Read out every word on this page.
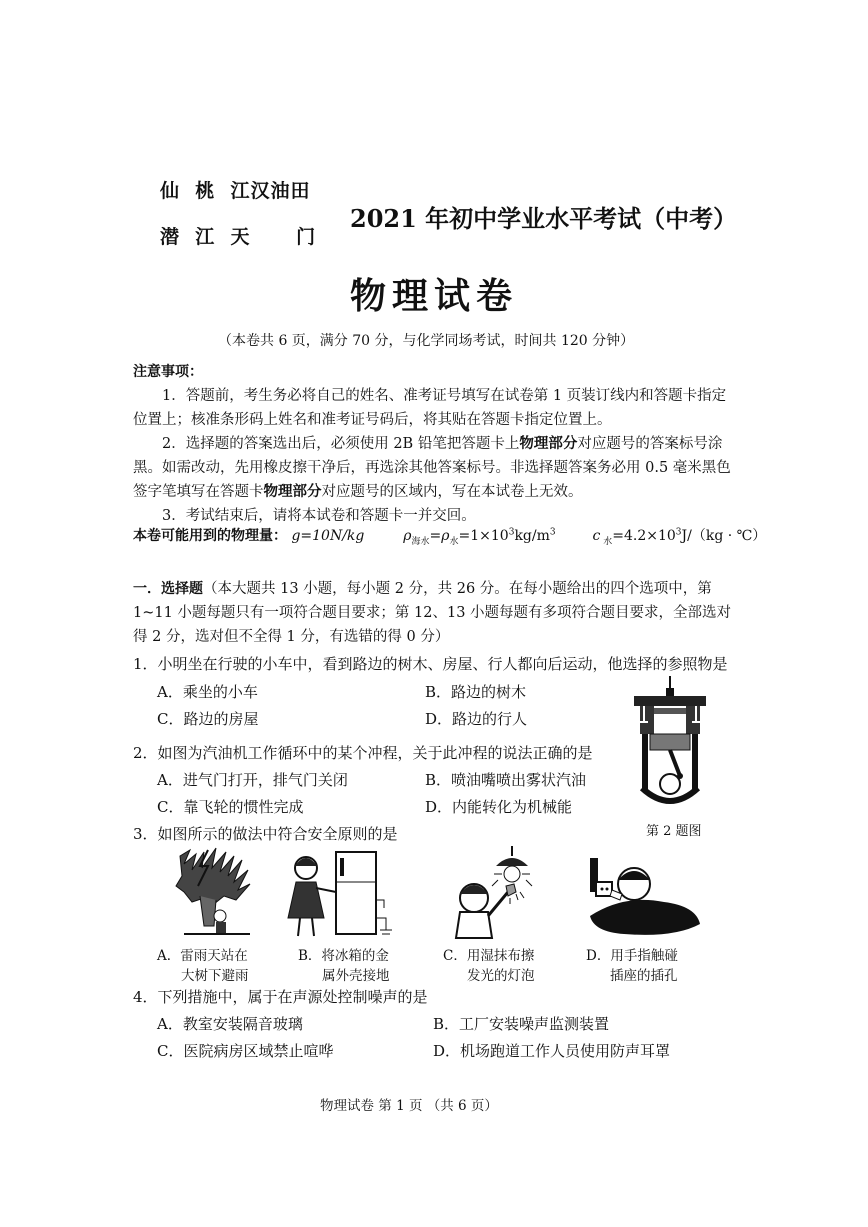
仙  桃  江汉油田
潜  江  天      门
2021 年初中学业水平考试（中考）
物理试卷
（本卷共 6 页，满分 70 分，与化学同场考试，时间共 120 分钟）
注意事项：

1．答题前，考生务必将自己的姓名、准考证号填写在试卷第 1 页装订线内和答题卡指定位置上；核准条形码上姓名和准考证号码后，将其贴在答题卡指定位置上。

2．选择题的答案选出后，必须使用 2B 铅笔把答题卡上物理部分对应题号的答案标号涂黑。如需改动，先用橡皮擦干净后，再选涂其他答案标号。非选择题答案务必用 0.5 毫米黑色签字笔填写在答题卡物理部分对应题号的区域内，写在本试卷上无效。

3．考试结束后，请将本试卷和答题卡一并交回。

本卷可能用到的物理量： g=10N/kg	$\rho_{海水}=\rho_水=1\times 10^3kg/m^3$	c $_水=4.2\times 10^3J/(kg$ · ℃）
一．选择题（本大题共 13 小题，每小题 2 分，共 26 分。在每小题给出的四个选项中，第 1~11 小题每题只有一项符合题目要求；第 12、13 小题每题有多项符合题目要求，全部选对得 2 分，选对但不全得 1 分，有选错的得 0 分）
1．小明坐在行驶的小车中，看到路边的树木、房屋、行人都向后运动，他选择的参照物是
A．乘坐的小车	B．路边的树木
C．路边的房屋	D．路边的行人
2．如图为汽油机工作循环中的某个冲程，关于此冲程的说法正确的是
A．进气门打开，排气门关闭	B．喷油嘴喷出雾状汽油
C．靠飞轮的惯性完成	D．内能转化为机械能
第 2 题图
3．如图所示的做法中符合安全原则的是
A．雷雨天站在
大树下避雨
B．将冰箱的金
属外壳接地
C．用湿抹布擦
发光的灯泡
D．用手指触碰
插座的插孔
4．下列措施中，属于在声源处控制噪声的是
A．教室安装隔音玻璃	B．工厂安装噪声监测装置
C．医院病房区域禁止喧哗	D．机场跑道工作人员使用防声耳罩
物理试卷 第 1 页 （共 6 页）
